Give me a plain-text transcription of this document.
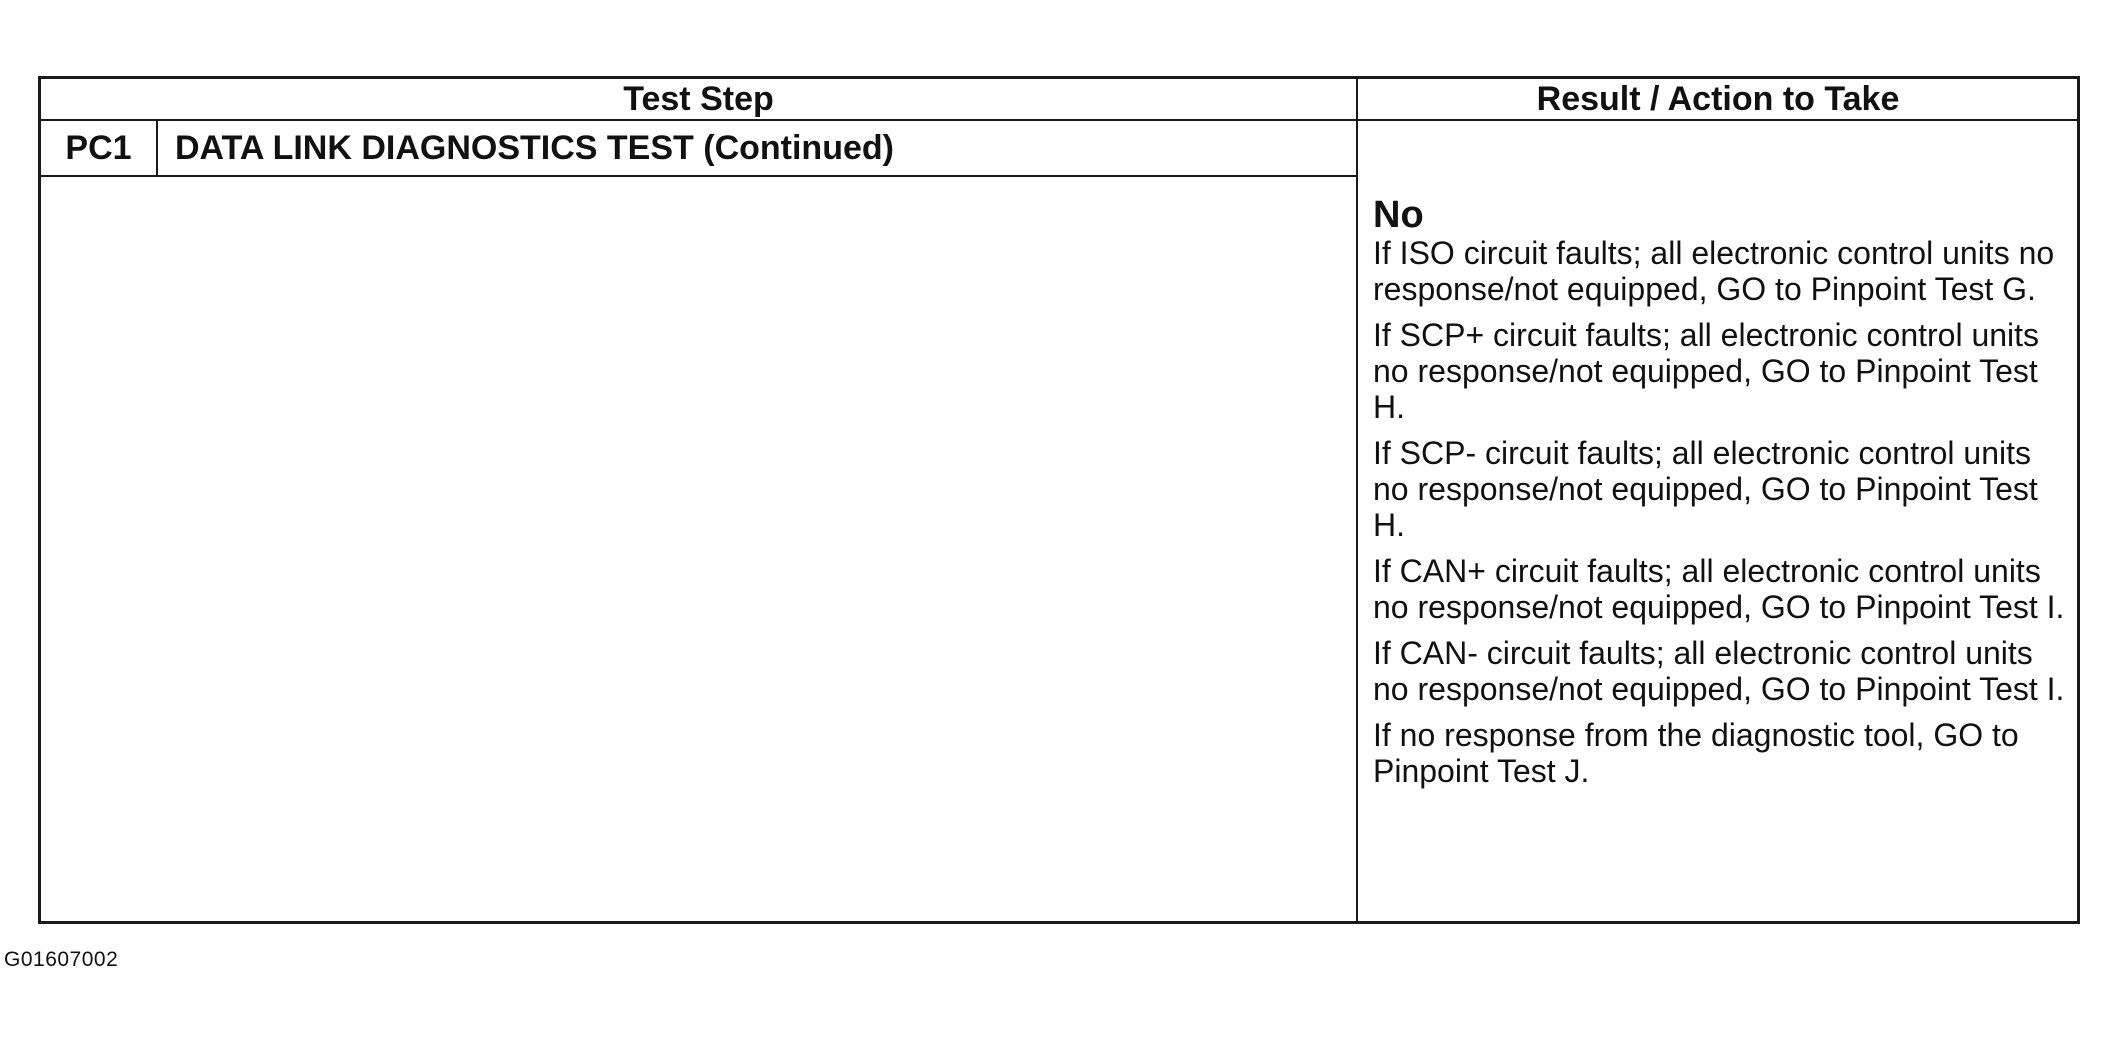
Test Step	Result / Action to Take
PC1	DATA LINK DIAGNOSTICS TEST (Continued)

No

If ISO circuit faults; all electronic control units no response/not equipped, GO to Pinpoint Test G.

If SCP+ circuit faults; all electronic control units no response/not equipped, GO to Pinpoint Test H.

If SCP- circuit faults; all electronic control units no response/not equipped, GO to Pinpoint Test H.

If CAN+ circuit faults; all electronic control units no response/not equipped, GO to Pinpoint Test I.

If CAN- circuit faults; all electronic control units no response/not equipped, GO to Pinpoint Test I.

If no response from the diagnostic tool, GO to Pinpoint Test J.

G01607002
